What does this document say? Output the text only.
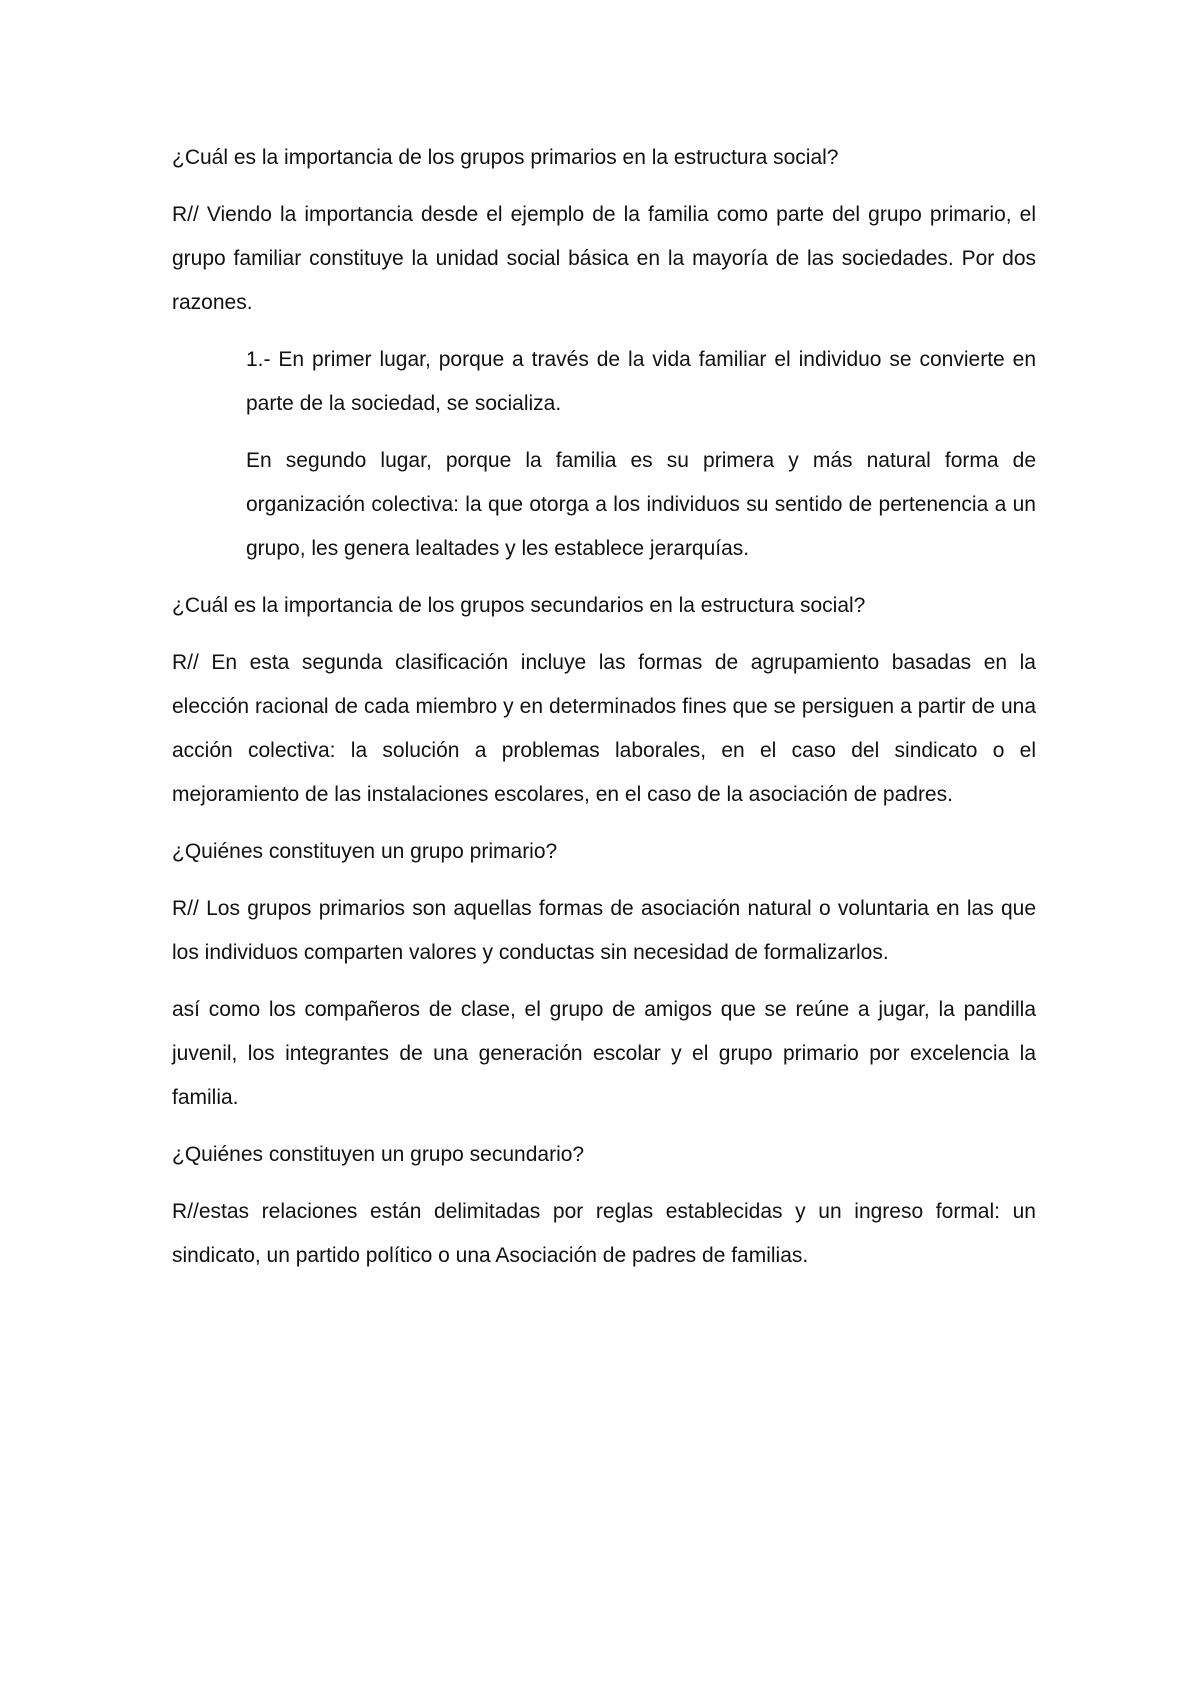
¿Cuál es la importancia de los grupos primarios en la estructura social?

R// Viendo la importancia desde el ejemplo de la familia como parte del grupo primario, el grupo familiar constituye la unidad social básica en la mayoría de las sociedades. Por dos razones.

1.- En primer lugar, porque a través de la vida familiar el individuo se convierte en parte de la sociedad, se socializa.

En segundo lugar, porque la familia es su primera y más natural forma de organización colectiva: la que otorga a los individuos su sentido de pertenencia a un grupo, les genera lealtades y les establece jerarquías.

¿Cuál es la importancia de los grupos secundarios en la estructura social?

R// En esta segunda clasificación incluye las formas de agrupamiento basadas en la elección racional de cada miembro y en determinados fines que se persiguen a partir de una acción colectiva: la solución a problemas laborales, en el caso del sindicato o el mejoramiento de las instalaciones escolares, en el caso de la asociación de padres.

¿Quiénes constituyen un grupo primario?

R// Los grupos primarios son aquellas formas de asociación natural o voluntaria en las que los individuos comparten valores y conductas sin necesidad de formalizarlos.

así como los compañeros de clase, el grupo de amigos que se reúne a jugar, la pandilla juvenil, los integrantes de una generación escolar y el grupo primario por excelencia la familia.

¿Quiénes constituyen un grupo secundario?

R//estas relaciones están delimitadas por reglas establecidas y un ingreso formal: un sindicato, un partido político o una Asociación de padres de familias.
